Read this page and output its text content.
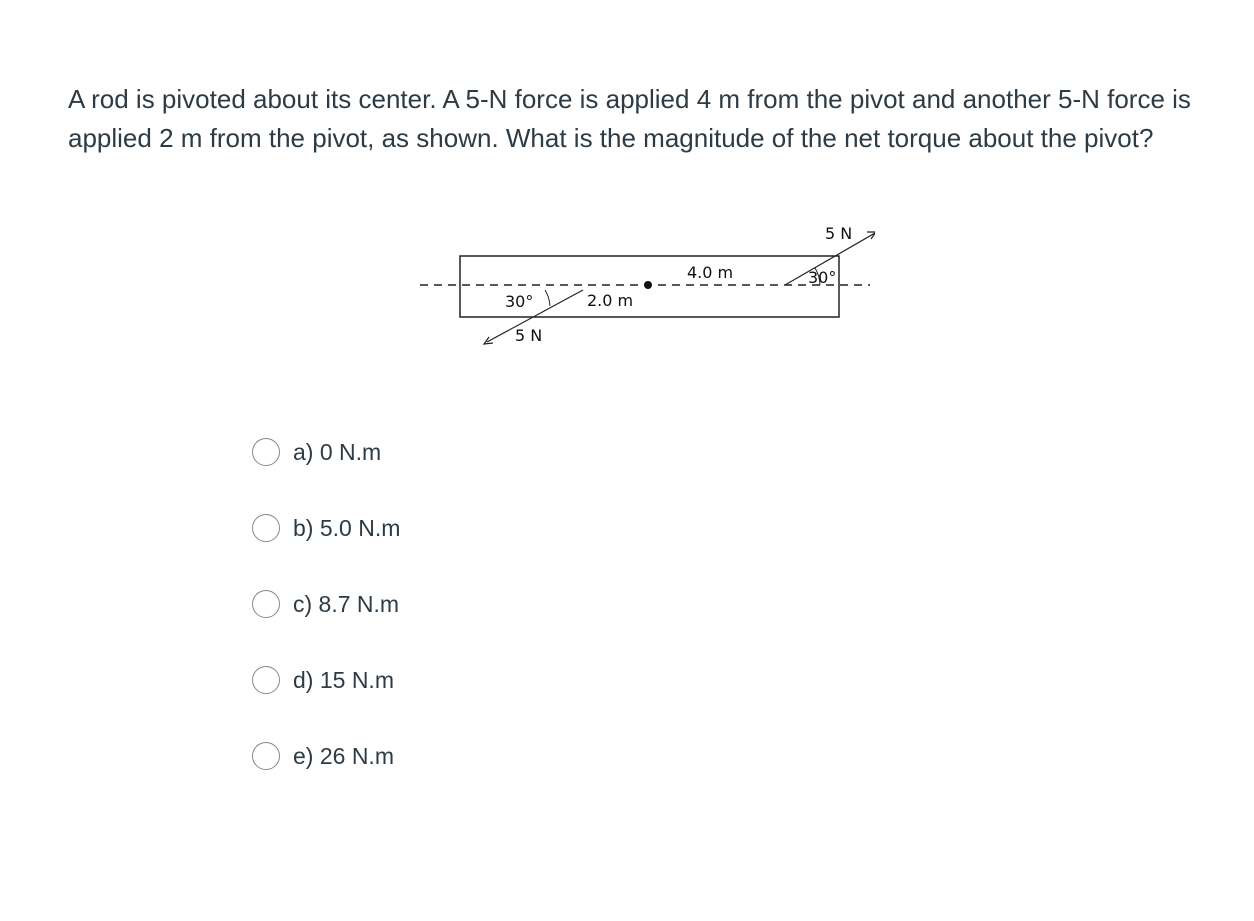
A rod is pivoted about its center. A 5-N force is applied 4 m from the pivot and another 5-N force is applied 2 m from the pivot, as shown. What is the magnitude of the net torque about the pivot?

5 N
4.0 m	30°
30°	2.0 m
5 N
a) 0 N.m
b) 5.0 N.m
c) 8.7 N.m
d) 15 N.m
e) 26 N.m
